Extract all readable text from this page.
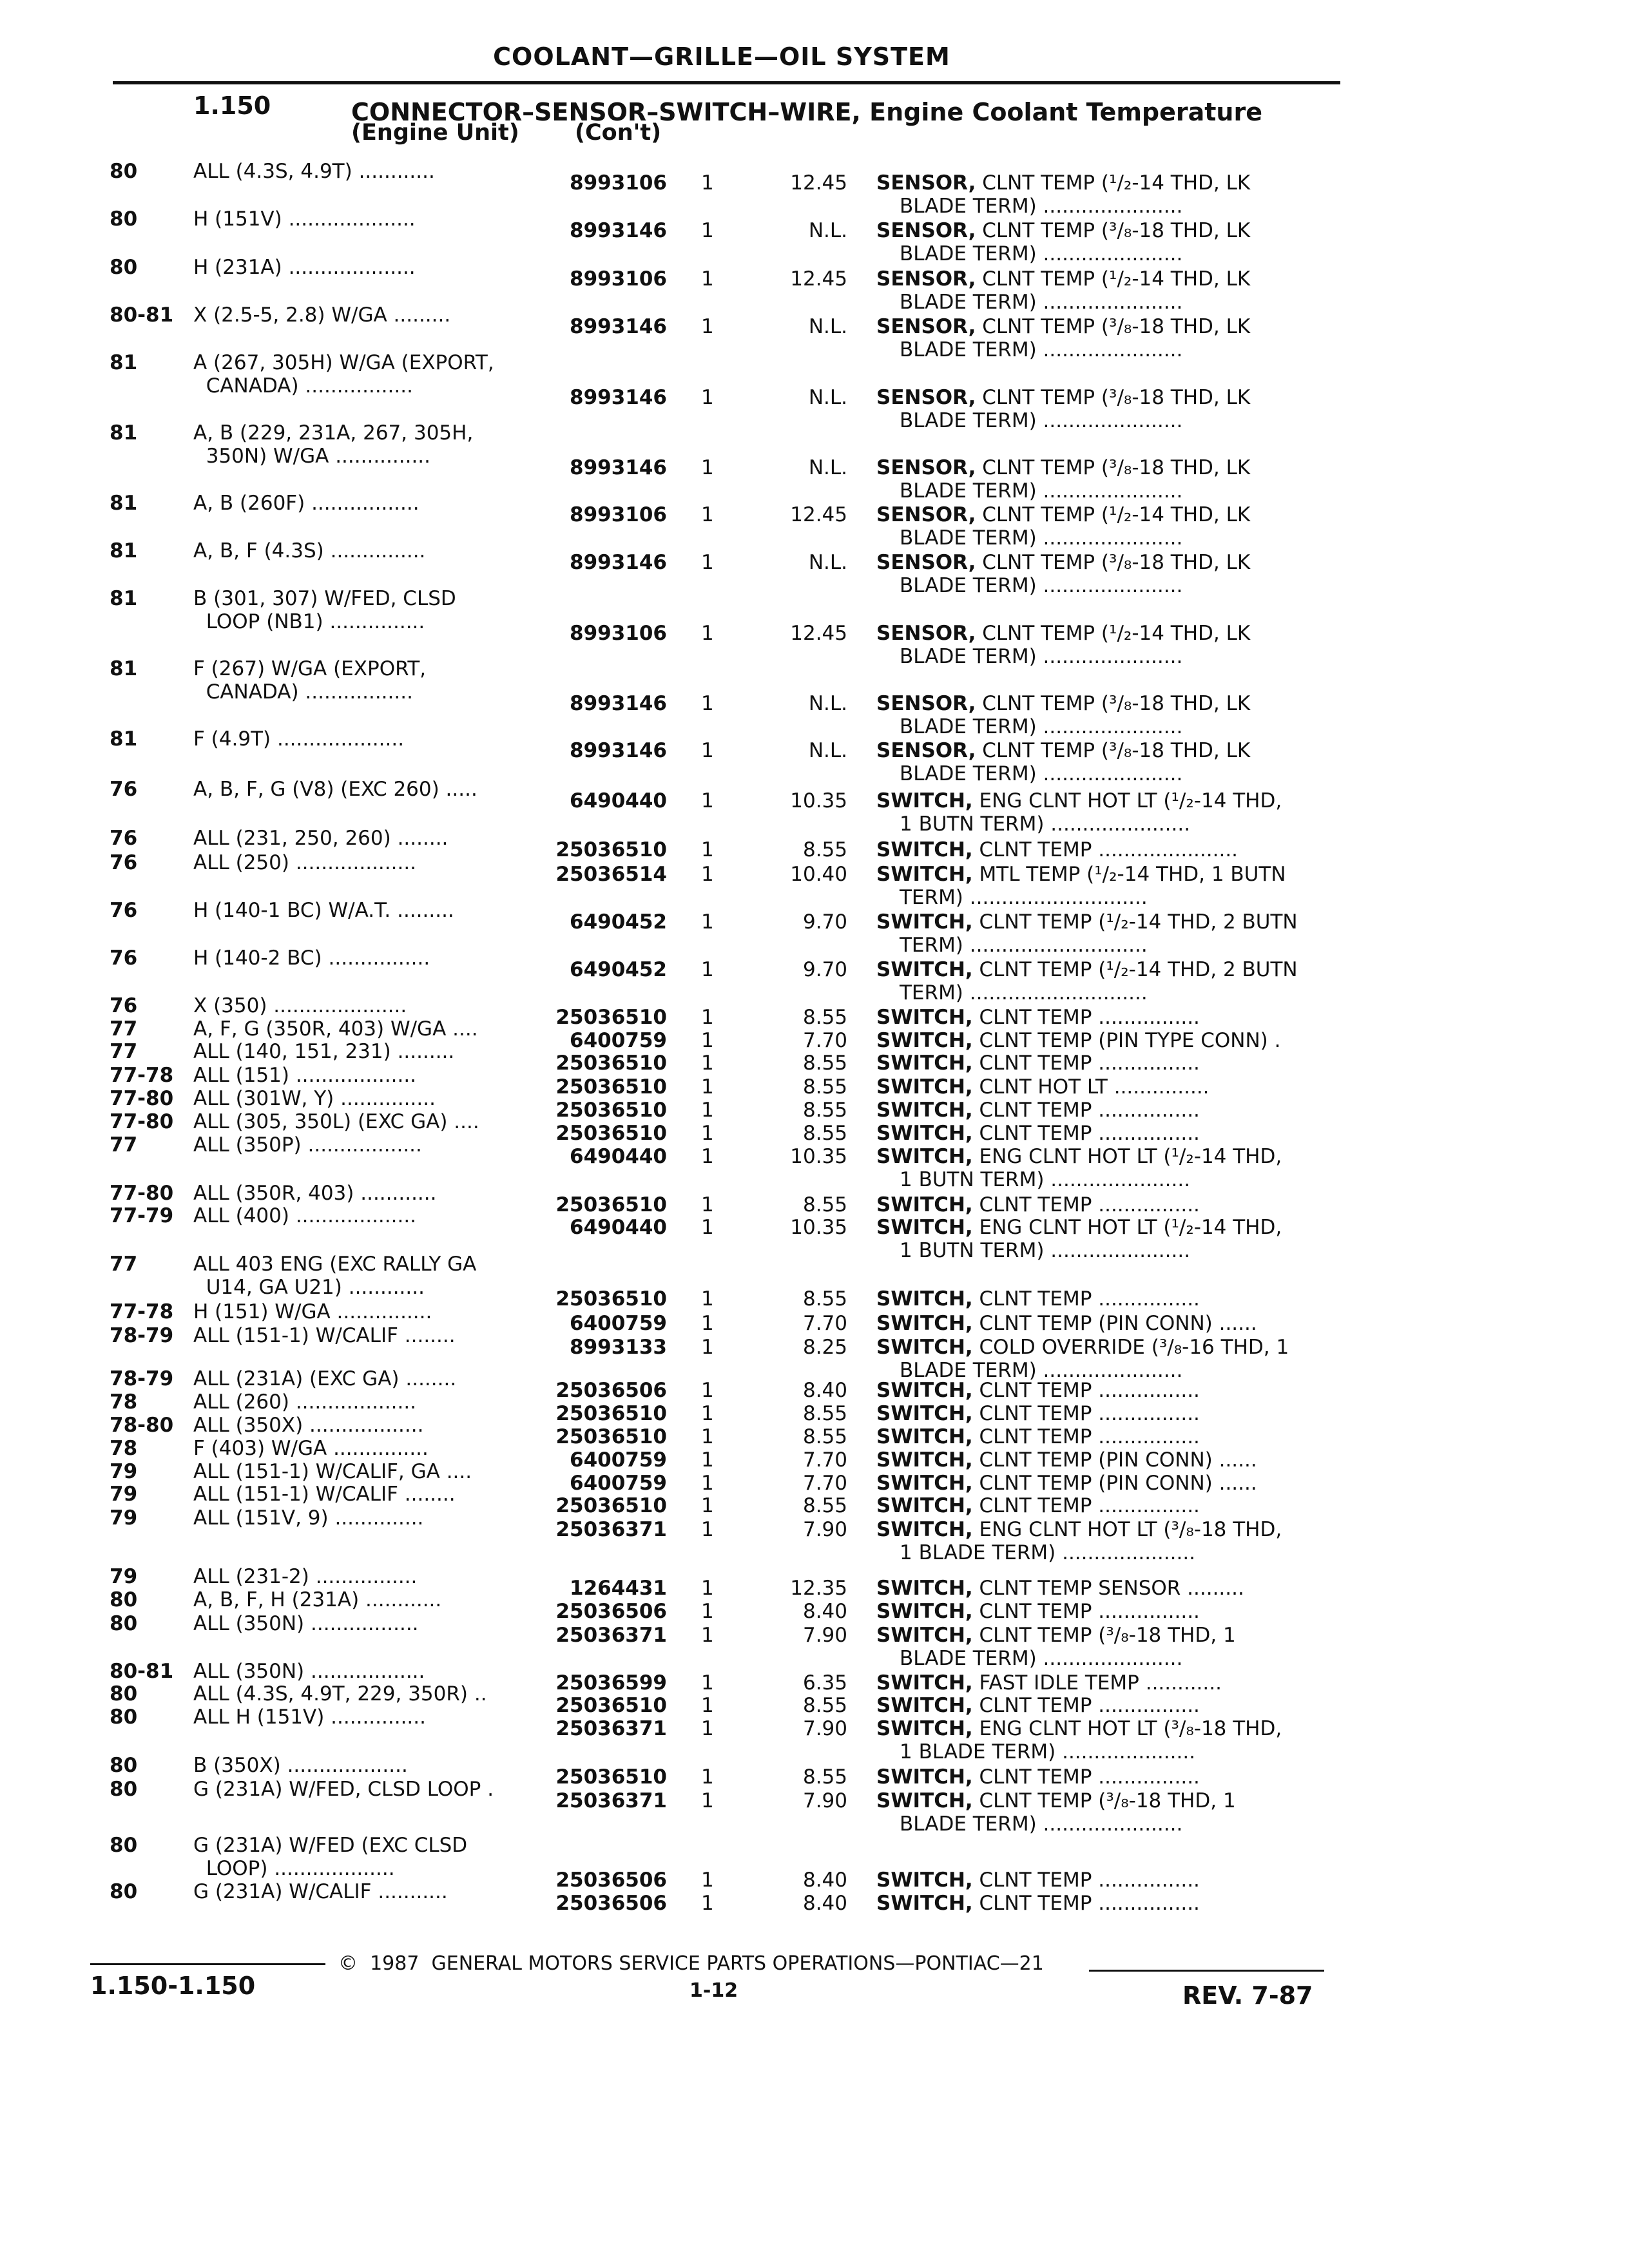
COOLANT—GRILLE—OIL SYSTEM
1.150	CONNECTOR–SENSOR–SWITCH–WIRE, Engine Coolant Temperature
(Engine Unit) (Con't)
80	ALL (4.3S, 4.9T) ............	8993106 1	12.45 SENSOR, CLNT TEMP (¹/₂-14 THD, LK
BLADE TERM) ......................
80	H (151V) ....................	8993146 1	N.L. SENSOR, CLNT TEMP (³/₈-18 THD, LK
BLADE TERM) ......................
80	H (231A) ....................	8993106 1	12.45 SENSOR, CLNT TEMP (¹/₂-14 THD, LK
BLADE TERM) ......................
80-81 X (2.5-5, 2.8) W/GA .........	8993146 1	N.L. SENSOR, CLNT TEMP (³/₈-18 THD, LK
BLADE TERM) ......................
81	A (267, 305H) W/GA (EXPORT,
CANADA) .................	8993146 1	N.L. SENSOR, CLNT TEMP (³/₈-18 THD, LK
BLADE TERM) ......................
81	A, B (229, 231A, 267, 305H,
350N) W/GA ...............	8993146 1	N.L. SENSOR, CLNT TEMP (³/₈-18 THD, LK
BLADE TERM) ......................
81	A, B (260F) .................	8993106 1	12.45 SENSOR, CLNT TEMP (¹/₂-14 THD, LK
BLADE TERM) ......................
81	A, B, F (4.3S) ...............	8993146 1	N.L. SENSOR, CLNT TEMP (³/₈-18 THD, LK
BLADE TERM) ......................
81	B (301, 307) W/FED, CLSD
LOOP (NB1) ...............	8993106 1	12.45 SENSOR, CLNT TEMP (¹/₂-14 THD, LK
BLADE TERM) ......................
81	F (267) W/GA (EXPORT,
CANADA) .................	8993146 1	N.L. SENSOR, CLNT TEMP (³/₈-18 THD, LK
BLADE TERM) ......................
81	F (4.9T) ....................	8993146 1	N.L. SENSOR, CLNT TEMP (³/₈-18 THD, LK
BLADE TERM) ......................
76	A, B, F, G (V8) (EXC 260) .....	6490440 1	10.35 SWITCH, ENG CLNT HOT LT (¹/₂-14 THD,
1 BUTN TERM) ......................
76	ALL (231, 250, 260) ........	25036510 1	8.55 SWITCH, CLNT TEMP ......................
76	ALL (250) ...................	25036514 1	10.40 SWITCH, MTL TEMP (¹/₂-14 THD, 1 BUTN
TERM) ............................
76	H (140-1 BC) W/A.T. .........	6490452 1	9.70 SWITCH, CLNT TEMP (¹/₂-14 THD, 2 BUTN
TERM) ............................
76	H (140-2 BC) ................	6490452 1	9.70 SWITCH, CLNT TEMP (¹/₂-14 THD, 2 BUTN
TERM) ............................
76	X (350) .....................	25036510 1	8.55 SWITCH, CLNT TEMP ................
77	A, F, G (350R, 403) W/GA ....	6400759 1	7.70 SWITCH, CLNT TEMP (PIN TYPE CONN) .
77	ALL (140, 151, 231) .........	25036510 1	8.55 SWITCH, CLNT TEMP ................
77-78 ALL (151) ...................	25036510 1	8.55 SWITCH, CLNT HOT LT ...............
77-80 ALL (301W, Y) ...............	25036510 1	8.55 SWITCH, CLNT TEMP ................
77-80 ALL (305, 350L) (EXC GA) ....	25036510 1	8.55 SWITCH, CLNT TEMP ................
77	ALL (350P) ..................	6490440 1	10.35 SWITCH, ENG CLNT HOT LT (¹/₂-14 THD,
1 BUTN TERM) ......................
77-80 ALL (350R, 403) ............	25036510 1	8.55 SWITCH, CLNT TEMP ................
77-79 ALL (400) ...................	6490440 1	10.35 SWITCH, ENG CLNT HOT LT (¹/₂-14 THD,
1 BUTN TERM) ......................
77	ALL 403 ENG (EXC RALLY GA
U14, GA U21) ............	25036510 1	8.55 SWITCH, CLNT TEMP ................
77-78 H (151) W/GA ...............	6400759 1	7.70 SWITCH, CLNT TEMP (PIN CONN) ......
78-79 ALL (151-1) W/CALIF ........	8993133 1	8.25 SWITCH, COLD OVERRIDE (³/₈-16 THD, 1
BLADE TERM) ......................
78-79 ALL (231A) (EXC GA) ........	25036506 1	8.40 SWITCH, CLNT TEMP ................
78	ALL (260) ...................	25036510 1	8.55 SWITCH, CLNT TEMP ................
78-80 ALL (350X) ..................	25036510 1	8.55 SWITCH, CLNT TEMP ................
78	F (403) W/GA ...............	6400759 1	7.70 SWITCH, CLNT TEMP (PIN CONN) ......
79	ALL (151-1) W/CALIF, GA ....	6400759 1	7.70 SWITCH, CLNT TEMP (PIN CONN) ......
79	ALL (151-1) W/CALIF ........	25036510 1	8.55 SWITCH, CLNT TEMP ................
79	ALL (151V, 9) ..............	25036371 1	7.90 SWITCH, ENG CLNT HOT LT (³/₈-18 THD,
1 BLADE TERM) .....................
79	ALL (231-2) ................	1264431 1	12.35 SWITCH, CLNT TEMP SENSOR .........
80	A, B, F, H (231A) ............	25036506 1	8.40 SWITCH, CLNT TEMP ................
80	ALL (350N) .................	25036371 1	7.90 SWITCH, CLNT TEMP (³/₈-18 THD, 1
BLADE TERM) ......................
80-81 ALL (350N) ..................	25036599 1	6.35 SWITCH, FAST IDLE TEMP ............
80	ALL (4.3S, 4.9T, 229, 350R) ..	25036510 1	8.55 SWITCH, CLNT TEMP ................
80	ALL H (151V) ...............	25036371 1	7.90 SWITCH, ENG CLNT HOT LT (³/₈-18 THD,
1 BLADE TERM) .....................
80	B (350X) ...................	25036510 1	8.55 SWITCH, CLNT TEMP ................
80	G (231A) W/FED, CLSD LOOP .	25036371 1	7.90 SWITCH, CLNT TEMP (³/₈-18 THD, 1
BLADE TERM) ......................
80	G (231A) W/FED (EXC CLSD
LOOP) ...................	25036506 1	8.40 SWITCH, CLNT TEMP ................
80	G (231A) W/CALIF ...........	25036506 1	8.40 SWITCH, CLNT TEMP ................
©  1987  GENERAL MOTORS SERVICE PARTS OPERATIONS—PONTIAC—21
1.150-1.150	1-12	REV. 7-87
